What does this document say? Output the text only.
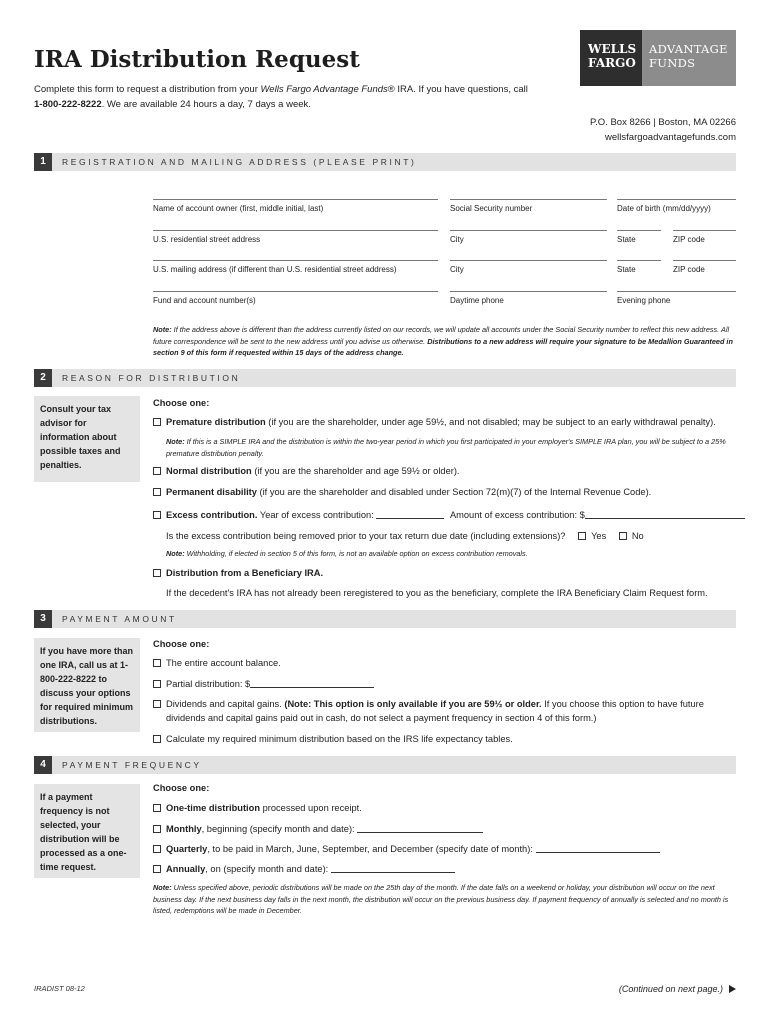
IRA Distribution Request
Complete this form to request a distribution from your Wells Fargo Advantage Funds® IRA. If you have questions, call
1-800-222-8222. We are available 24 hours a day, 7 days a week.
WELLS
FARGO
ADVANTAGE
FUNDS
P.O. Box 8266 | Boston, MA 02266
wellsfargoadvantagefunds.com
1	REGISTRATION AND MAILING ADDRESS (PLEASE PRINT)
Name of account owner (first, middle initial, last)	Social Security number	Date of birth (mm/dd/yyyy)
U.S. residential street address	City	State	ZIP code
U.S. mailing address (if different than U.S. residential street address)	City	State	ZIP code
Fund and account number(s)	Daytime phone	Evening phone
Note: If the address above is different than the address currently listed on our records, we will update all accounts under the Social Security number to reflect this new address. All future correspondence will be sent to the new address until you advise us otherwise. Distributions to a new address will require your signature to be Medallion Guaranteed in section 9 of this form if requested within 15 days of the address change.
2	REASON FOR DISTRIBUTION
Consult your tax advisor for information about possible taxes and penalties.
Choose one:
Premature distribution (if you are the shareholder, under age 59½, and not disabled; may be subject to an early withdrawal penalty).
Note: If this is a SIMPLE IRA and the distribution is within the two-year period in which you first participated in your employer's SIMPLE IRA plan, you will be subject to a 25% premature distribution penalty.
Normal distribution (if you are the shareholder and age 59½ or older).
Permanent disability (if you are the shareholder and disabled under Section 72(m)(7) of the Internal Revenue Code).
Excess contribution. Year of excess contribution:	Amount of excess contribution: $
Is the excess contribution being removed prior to your tax return due date (including extensions)?	Yes	No
Note: Withholding, if elected in section 5 of this form, is not an available option on excess contribution removals.
Distribution from a Beneficiary IRA.
If the decedent's IRA has not already been reregistered to you as the beneficiary, complete the IRA Beneficiary Claim Request form.
3	PAYMENT AMOUNT
If you have more than one IRA, call us at 1-800-222-8222 to discuss your options for required minimum distributions.
Choose one:
The entire account balance.
Partial distribution: $
Dividends and capital gains. (Note: This option is only available if you are 59½ or older. If you choose this option to have future
dividends and capital gains paid out in cash, do not select a payment frequency in section 4 of this form.)
Calculate my required minimum distribution based on the IRS life expectancy tables.
4	PAYMENT FREQUENCY
If a payment frequency is not selected, your distribution will be processed as a one-time request.
Choose one:
One-time distribution processed upon receipt.
Monthly, beginning (specify month and date):
Quarterly, to be paid in March, June, September, and December (specify date of month):
Annually, on (specify month and date):
Note: Unless specified above, periodic distributions will be made on the 25th day of the month. If the date falls on a weekend or holiday, your distribution will occur on the next business day. If the next business day falls in the next month, the distribution will occur on the previous business day. If payment frequency of annually is selected and no month is listed, redemptions will be made in December.
IRADIST 08-12	(Continued on next page.)
